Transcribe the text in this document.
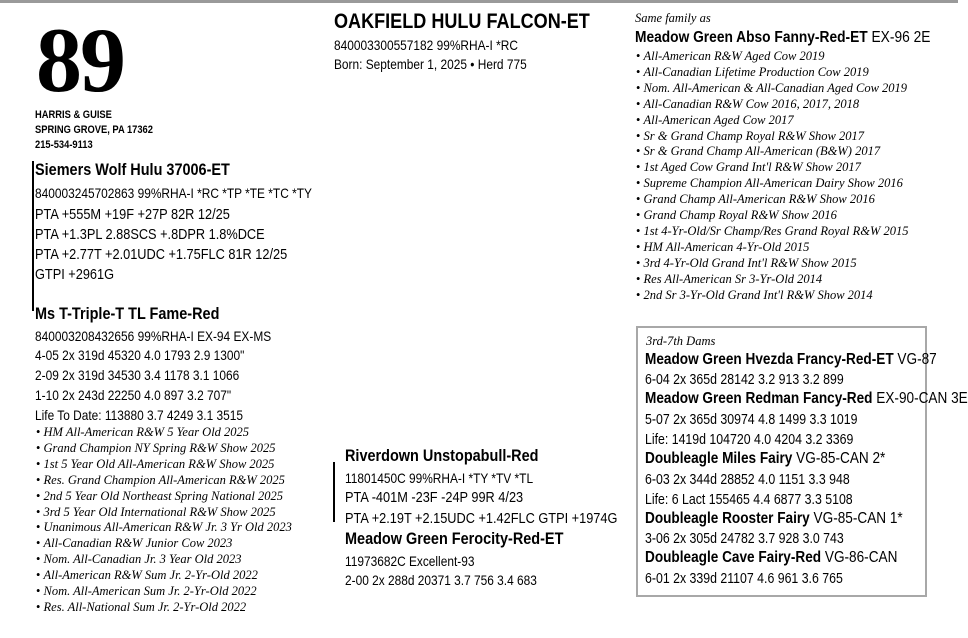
89
HARRIS & GUISE
SPRING GROVE, PA 17362
215-534-9113
OAKFIELD HULU FALCON-ET
840003300557182 99%RHA-I *RC
Born: September 1, 2025 • Herd 775
Siemers Wolf Hulu 37006-ET
840003245702863 99%RHA-I *RC *TP *TE *TC *TY
PTA +555M +19F +27P 82R 12/25
PTA +1.3PL 2.88SCS +.8DPR 1.8%DCE
PTA +2.77T +2.01UDC +1.75FLC 81R 12/25
GTPI +2961G
Ms T-Triple-T TL Fame-Red
840003208432656 99%RHA-I EX-94 EX-MS
4-05 2x 319d 45320 4.0 1793 2.9 1300"
2-09 2x 319d 34530 3.4 1178 3.1 1066
1-10 2x 243d 22250 4.0 897 3.2 707"
Life To Date: 113880 3.7 4249 3.1 3515
• HM All-American R&W 5 Year Old 2025
• Grand Champion NY Spring R&W Show 2025
• 1st 5 Year Old All-American R&W Show 2025
• Res. Grand Champion All-American R&W 2025
• 2nd 5 Year Old Northeast Spring National 2025
• 3rd 5 Year Old International R&W Show 2025
• Unanimous All-American R&W Jr. 3 Yr Old 2023
• All-Canadian R&W Junior Cow 2023
• Nom. All-Canadian Jr. 3 Year Old 2023
• All-American R&W Sum Jr. 2-Yr-Old 2022
• Nom. All-American Sum Jr. 2-Yr-Old 2022
• Res. All-National Sum Jr. 2-Yr-Old 2022
Riverdown Unstopabull-Red
11801450C 99%RHA-I *TY *TV *TL
PTA -401M -23F -24P 99R 4/23
PTA +2.19T +2.15UDC +1.42FLC GTPI +1974G
Meadow Green Ferocity-Red-ET
11973682C Excellent-93
2-00 2x 288d 20371 3.7 756 3.4 683
Same family as
Meadow Green Abso Fanny-Red-ET EX-96 2E
• All-American R&W Aged Cow 2019
• All-Canadian Lifetime Production Cow 2019
• Nom. All-American & All-Canadian Aged Cow 2019
• All-Canadian R&W Cow 2016, 2017, 2018
• All-American Aged Cow 2017
• Sr & Grand Champ Royal R&W Show 2017
• Sr & Grand Champ All-American (B&W) 2017
• 1st Aged Cow Grand Int'l R&W Show 2017
• Supreme Champion All-American Dairy Show 2016
• Grand Champ All-American R&W Show 2016
• Grand Champ Royal R&W Show 2016
• 1st 4-Yr-Old/Sr Champ/Res Grand Royal R&W 2015
• HM All-American 4-Yr-Old 2015
• 3rd 4-Yr-Old Grand Int'l R&W Show 2015
• Res All-American Sr 3-Yr-Old 2014
• 2nd Sr 3-Yr-Old Grand Int'l R&W Show 2014
3rd-7th Dams
Meadow Green Hvezda Francy-Red-ET VG-87
6-04 2x 365d 28142 3.2 913 3.2 899
Meadow Green Redman Fancy-Red EX-90-CAN 3E
5-07 2x 365d 30974 4.8 1499 3.3 1019
Life: 1419d 104720 4.0 4204 3.2 3369
Doubleagle Miles Fairy VG-85-CAN 2*
6-03 2x 344d 28852 4.0 1151 3.3 948
Life: 6 Lact 155465 4.4 6877 3.3 5108
Doubleagle Rooster Fairy VG-85-CAN 1*
3-06 2x 305d 24782 3.7 928 3.0 743
Doubleagle Cave Fairy-Red VG-86-CAN
6-01 2x 339d 21107 4.6 961 3.6 765
